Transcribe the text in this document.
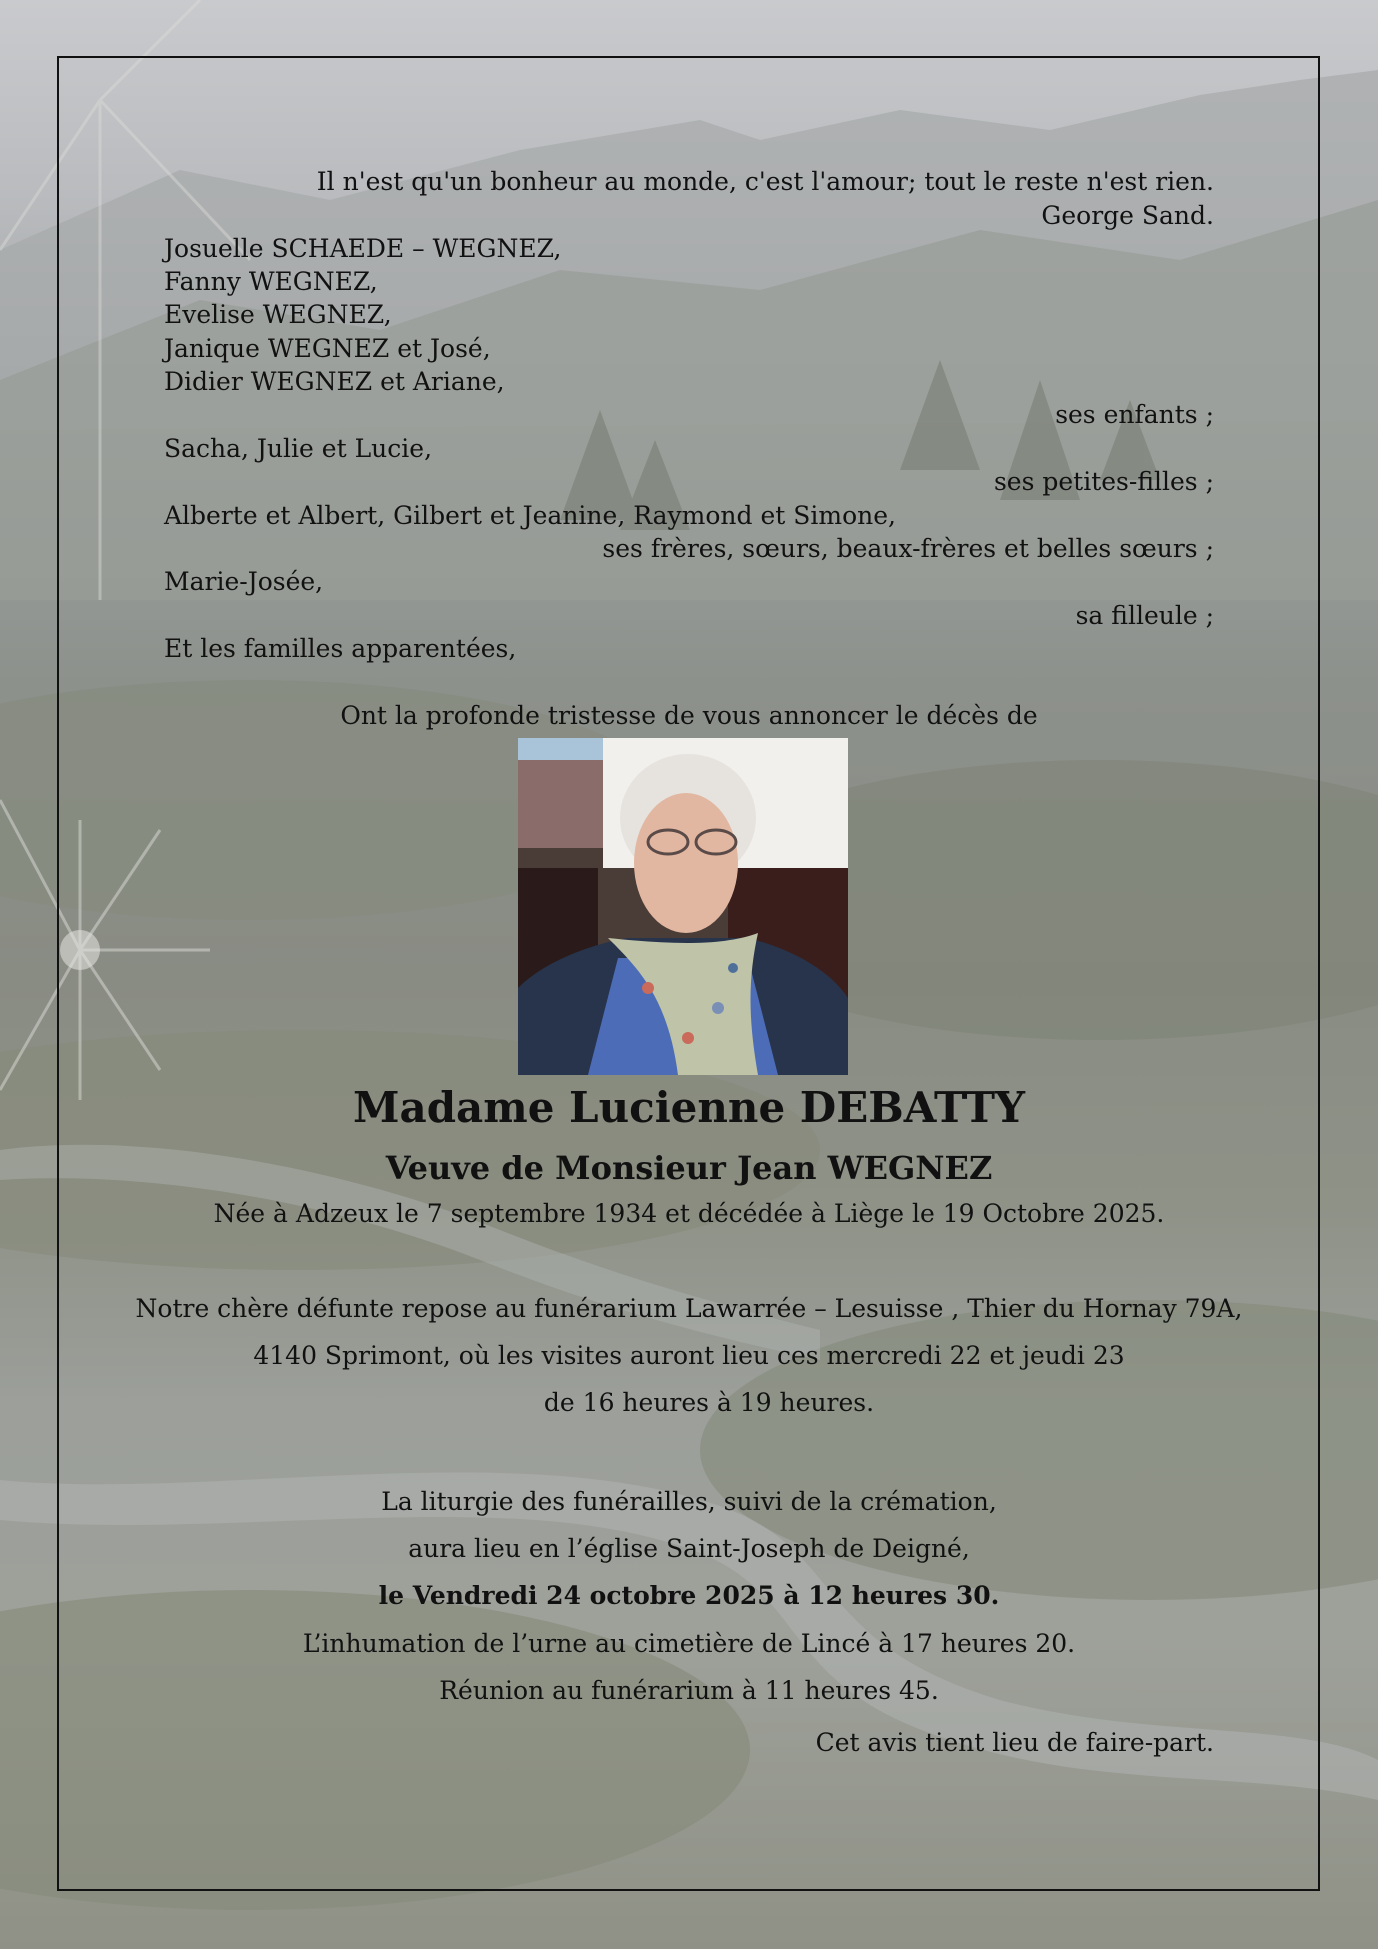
Il n'est qu'un bonheur au monde, c'est l'amour; tout le reste n'est rien.
George Sand.
Josuelle SCHAEDE – WEGNEZ,
Fanny WEGNEZ,
Evelise WEGNEZ,
Janique WEGNEZ et José,
Didier WEGNEZ et Ariane,
ses enfants ;
Sacha, Julie et Lucie,
ses petites-filles ;
Alberte et Albert, Gilbert et Jeanine, Raymond et Simone,
ses frères, sœurs, beaux-frères et belles sœurs ;
Marie-Josée,
sa filleule ;
Et les familles apparentées,
Ont la profonde tristesse de vous annoncer le décès de
Madame Lucienne DEBATTY
Veuve de Monsieur Jean WEGNEZ
Née à Adzeux le 7 septembre 1934 et décédée à Liège le 19 Octobre 2025.
Notre chère défunte repose au funérarium Lawarrée – Lesuisse , Thier du Hornay 79A,
4140 Sprimont, où les visites auront lieu ces mercredi 22 et jeudi 23
de 16 heures à 19 heures.
La liturgie des funérailles, suivi de la crémation,
aura lieu en l’église Saint-Joseph de Deigné,
le Vendredi 24 octobre 2025 à 12 heures 30.
L’inhumation de l’urne au cimetière de Lincé à 17 heures 20.
Réunion au funérarium à 11 heures 45.
Cet avis tient lieu de faire-part.
